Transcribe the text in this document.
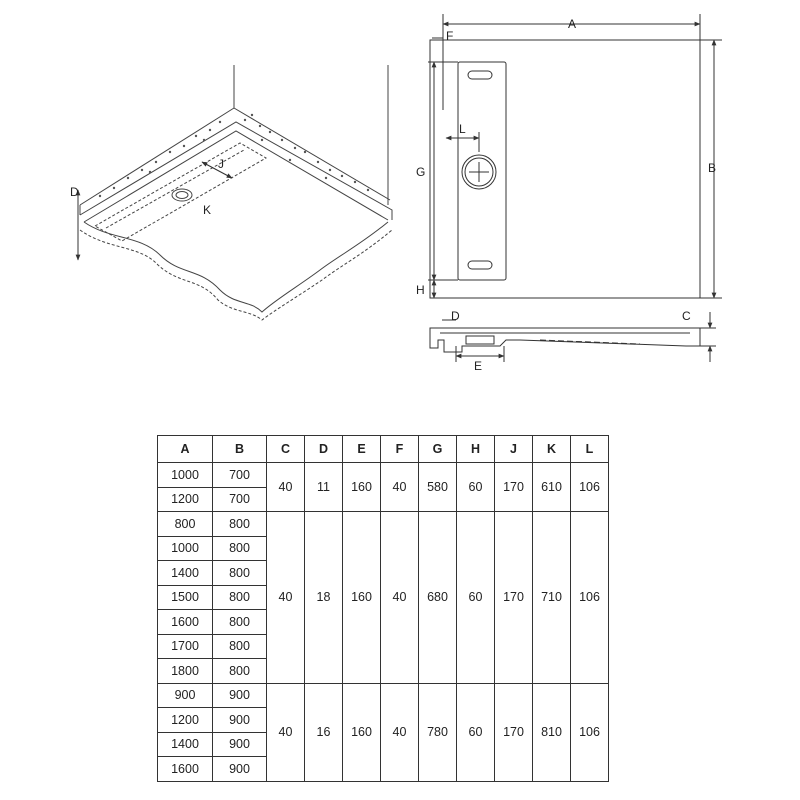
D
J
K
A
F
L
G
H
B
D	C
E
A	B	C	D	E	F	G	H	J	K	L
1000	700	40	11	160	40	580	60	170	610	106
1200	700									
800	800	40	18	160	40	680	60	170	710	106
1000	800									
1400	800									
1500	800									
1600	800									
1700	800									
1800	800									
900	900	40	16	160	40	780	60	170	810	106
1200	900									
1400	900									
1600	900									
